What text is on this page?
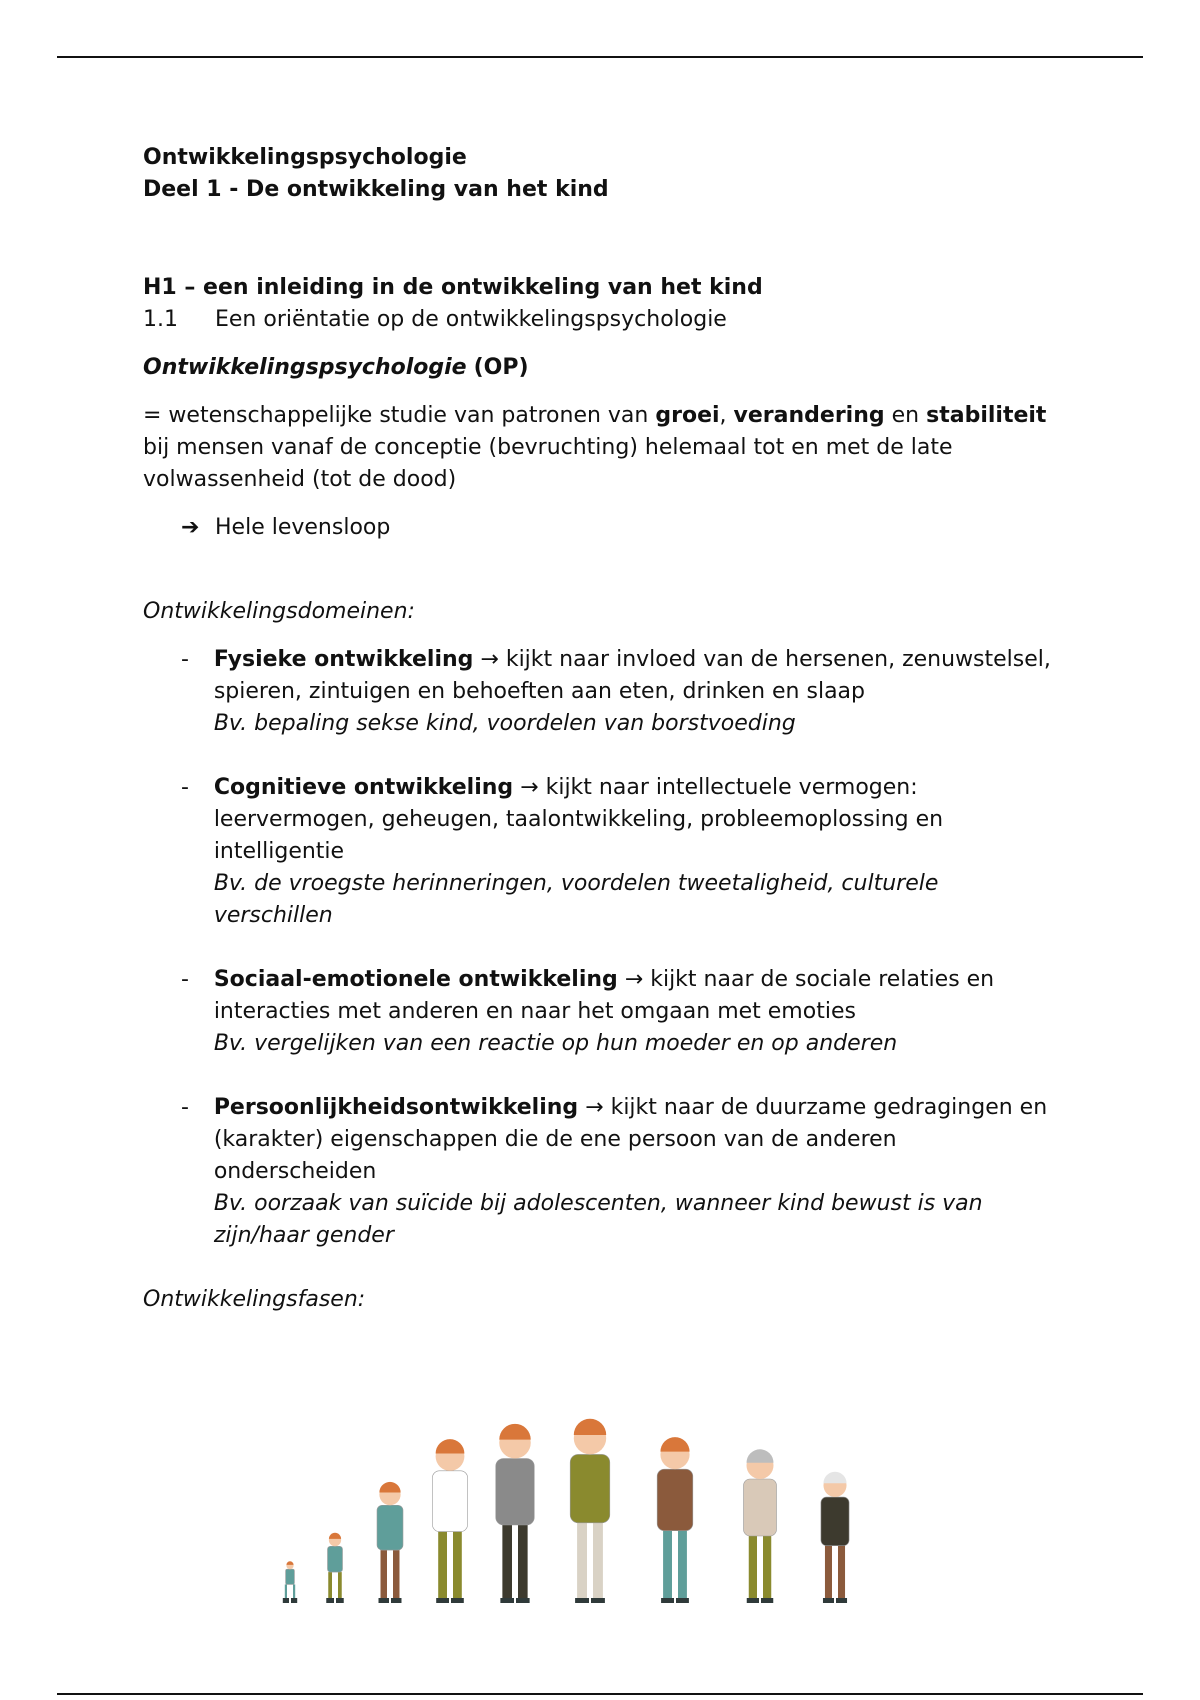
Ontwikkelingspsychologie
Deel 1 - De ontwikkeling van het kind
H1 – een inleiding in de ontwikkeling van het kind
1.1	Een oriëntatie op de ontwikkelingspsychologie
Ontwikkelingspsychologie (OP)
= wetenschappelijke studie van patronen van groei, verandering en stabiliteit bij mensen vanaf de conceptie (bevruchting) helemaal tot en met de late volwassenheid (tot de dood)
➔ Hele levensloop
Ontwikkelingsdomeinen:
-	Fysieke ontwikkeling → kijkt naar invloed van de hersenen, zenuwstelsel, spieren, zintuigen en behoeften aan eten, drinken en slaap
Bv. bepaling sekse kind, voordelen van borstvoeding
-	Cognitieve ontwikkeling → kijkt naar intellectuele vermogen: leervermogen, geheugen, taalontwikkeling, probleemoplossing en intelligentie
Bv. de vroegste herinneringen, voordelen tweetaligheid, culturele verschillen
-	Sociaal-emotionele ontwikkeling → kijkt naar de sociale relaties en interacties met anderen en naar het omgaan met emoties
Bv. vergelijken van een reactie op hun moeder en op anderen
-	Persoonlijkheidsontwikkeling → kijkt naar de duurzame gedragingen en (karakter) eigenschappen die de ene persoon van de anderen onderscheiden
Bv. oorzaak van suïcide bij adolescenten, wanneer kind bewust is van zijn/haar gender
Ontwikkelingsfasen:
